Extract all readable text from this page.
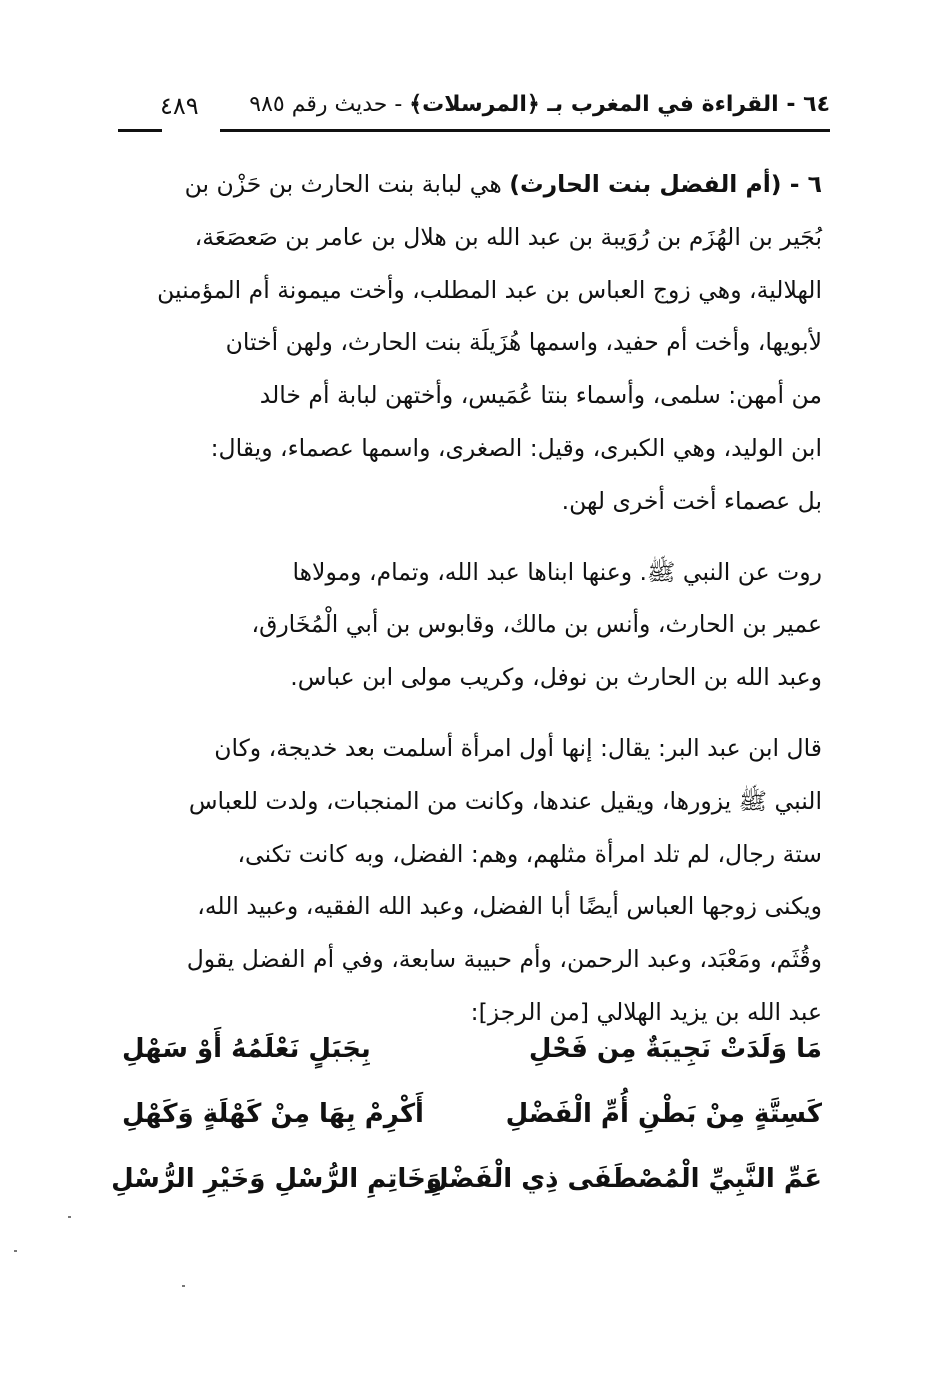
٦٤ - القراءة في المغرب بـ ﴿المرسلات﴾ - حديث رقم ٩٨٥
٤٨٩
٦ - (أم الفضل بنت الحارث) هي لبابة بنت الحارث بن حَزْن بن
بُجَير بن الهُزَم بن رُوَيبة بن عبد الله بن هلال بن عامر بن صَعصَعَة،
الهلالية، وهي زوج العباس بن عبد المطلب، وأخت ميمونة أم المؤمنين
لأبويها، وأخت أم حفيد، واسمها هُزَيلَة بنت الحارث، ولهن أختان
من أمهن: سلمى، وأسماء بنتا عُمَيس، وأختهن لبابة أم خالد
ابن الوليد، وهي الكبرى، وقيل: الصغرى، واسمها عصماء، ويقال:
بل عصماء أخت أخرى لهن.
روت عن النبي ﷺ. وعنها ابناها عبد الله، وتمام، ومولاها
عمير بن الحارث، وأنس بن مالك، وقابوس بن أبي الْمُخَارق،
وعبد الله بن الحارث بن نوفل، وكريب مولى ابن عباس.
قال ابن عبد البر: يقال: إنها أول امرأة أسلمت بعد خديجة، وكان
النبي ﷺ يزورها، ويقيل عندها، وكانت من المنجبات، ولدت للعباس
ستة رجال، لم تلد امرأة مثلهم، وهم: الفضل، وبه كانت تكنى،
ويكنى زوجها العباس أيضًا أبا الفضل، وعبد الله الفقيه، وعبيد الله،
وقُثَم، ومَعْبَد، وعبد الرحمن، وأم حبيبة سابعة، وفي أم الفضل يقول
عبد الله بن يزيد الهلالي [من الرجز]:
مَا وَلَدَتْ نَجِيبَةٌ مِن فَحْلِ
بِجَبَلٍ نَعْلَمُهُ أَوْ سَهْلِ
كَسِتَّةٍ مِنْ بَطْنِ أُمِّ الْفَضْلِ
أَكْرِمْ بِهَا مِنْ كَهْلَةٍ وَكَهْلِ
عَمِّ النَّبِيِّ الْمُصْطَفَى ذِي الْفَضْلِ
وَخَاتِمِ الرُّسْلِ وَخَيْرِ الرُّسْلِ
